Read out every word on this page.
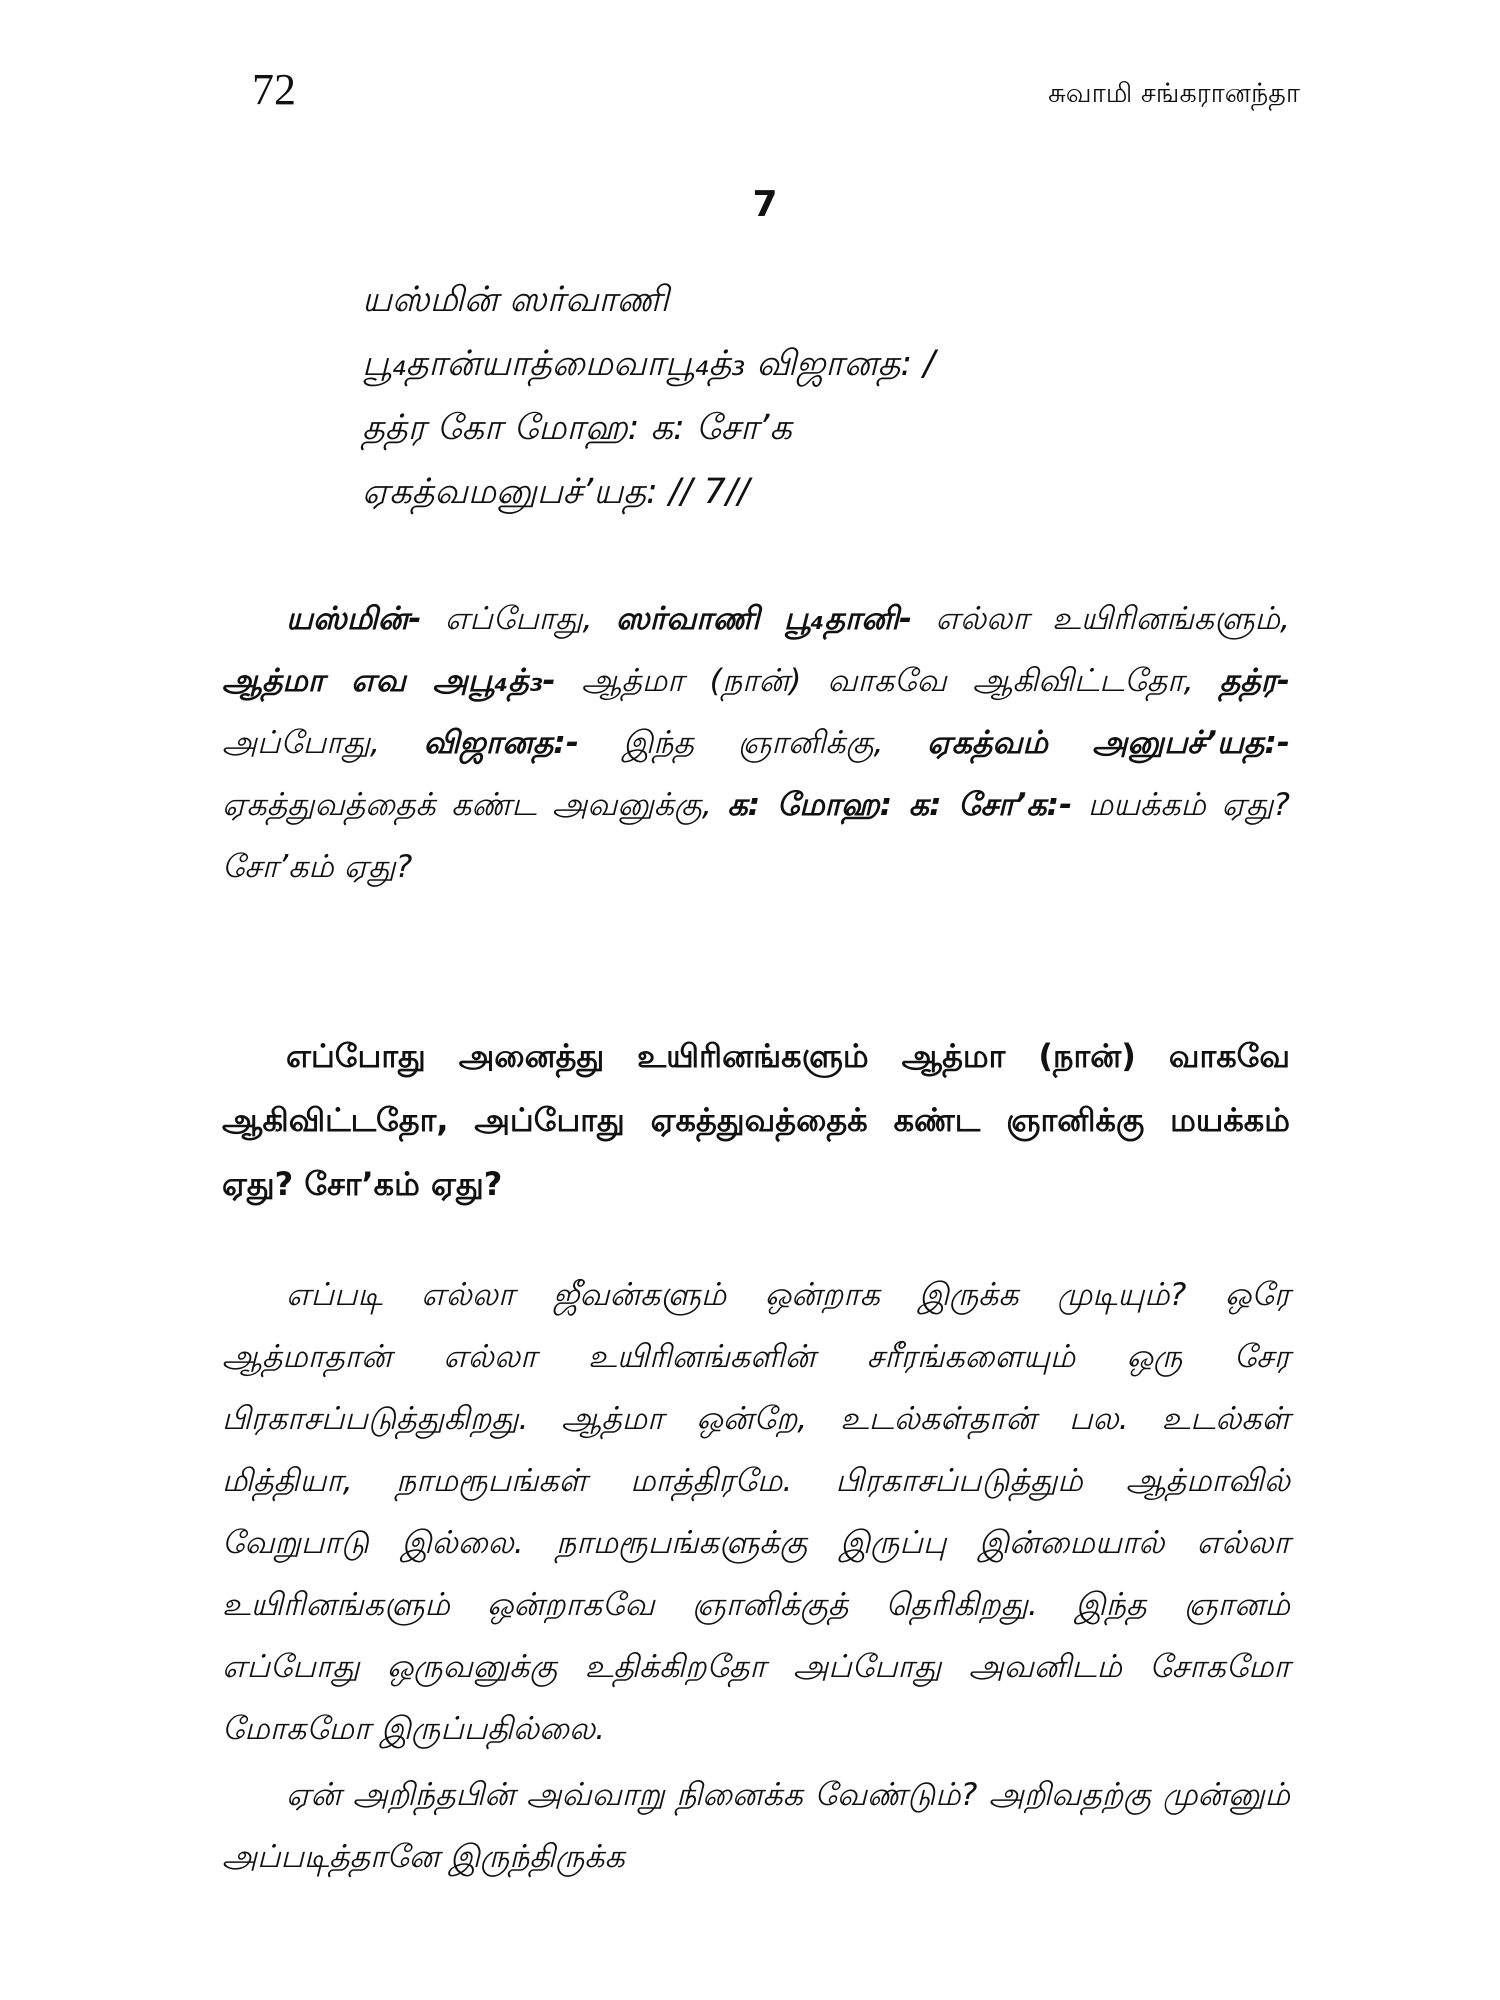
72	சுவாமி சங்கரானந்தா
7
யஸ்மின் ஸர்வாணி
பூ₄தான்யாத்மைவாபூ₄த்₃ விஜானத: /
தத்ர கோ மோஹ: க: சோ’க
ஏகத்வமனுபச்’யத: // 7//
யஸ்மின்- எப்போது, ஸர்வாணி பூ₄தானி- எல்லா உயிரினங்களும், ஆத்மா எவ அபூ₄த்₃- ஆத்மா (நான்) வாகவே ஆகிவிட்டதோ, தத்ர- அப்போது, விஜானத:- இந்த ஞானிக்கு, ஏகத்வம் அனுபச்’யத:- ஏகத்துவத்தைக் கண்ட அவனுக்கு, க: மோஹ: க: சோ’க:- மயக்கம் ஏது? சோ’கம் ஏது?
எப்போது அனைத்து உயிரினங்களும் ஆத்மா (நான்) வாகவே ஆகிவிட்டதோ, அப்போது ஏகத்துவத்தைக் கண்ட ஞானிக்கு மயக்கம் ஏது? சோ’கம் ஏது?

எப்படி எல்லா ஜீவன்களும் ஒன்றாக இருக்க முடியும்? ஒரே ஆத்மாதான் எல்லா உயிரினங்களின் சரீரங்களையும் ஒரு சேர பிரகாசப்படுத்துகிறது. ஆத்மா ஒன்றே, உடல்கள்தான் பல. உடல்கள் மித்தியா, நாமரூபங்கள் மாத்திரமே. பிரகாசப்படுத்தும் ஆத்மாவில் வேறுபாடு இல்லை. நாமரூபங்களுக்கு இருப்பு இன்மையால் எல்லா உயிரினங்களும் ஒன்றாகவே ஞானிக்குத் தெரிகிறது. இந்த ஞானம் எப்போது ஒருவனுக்கு உதிக்கிறதோ அப்போது அவனிடம் சோகமோ மோகமோ இருப்பதில்லை.

ஏன் அறிந்தபின் அவ்வாறு நினைக்க வேண்டும்? அறிவதற்கு முன்னும் அப்படித்தானே இருந்திருக்க
